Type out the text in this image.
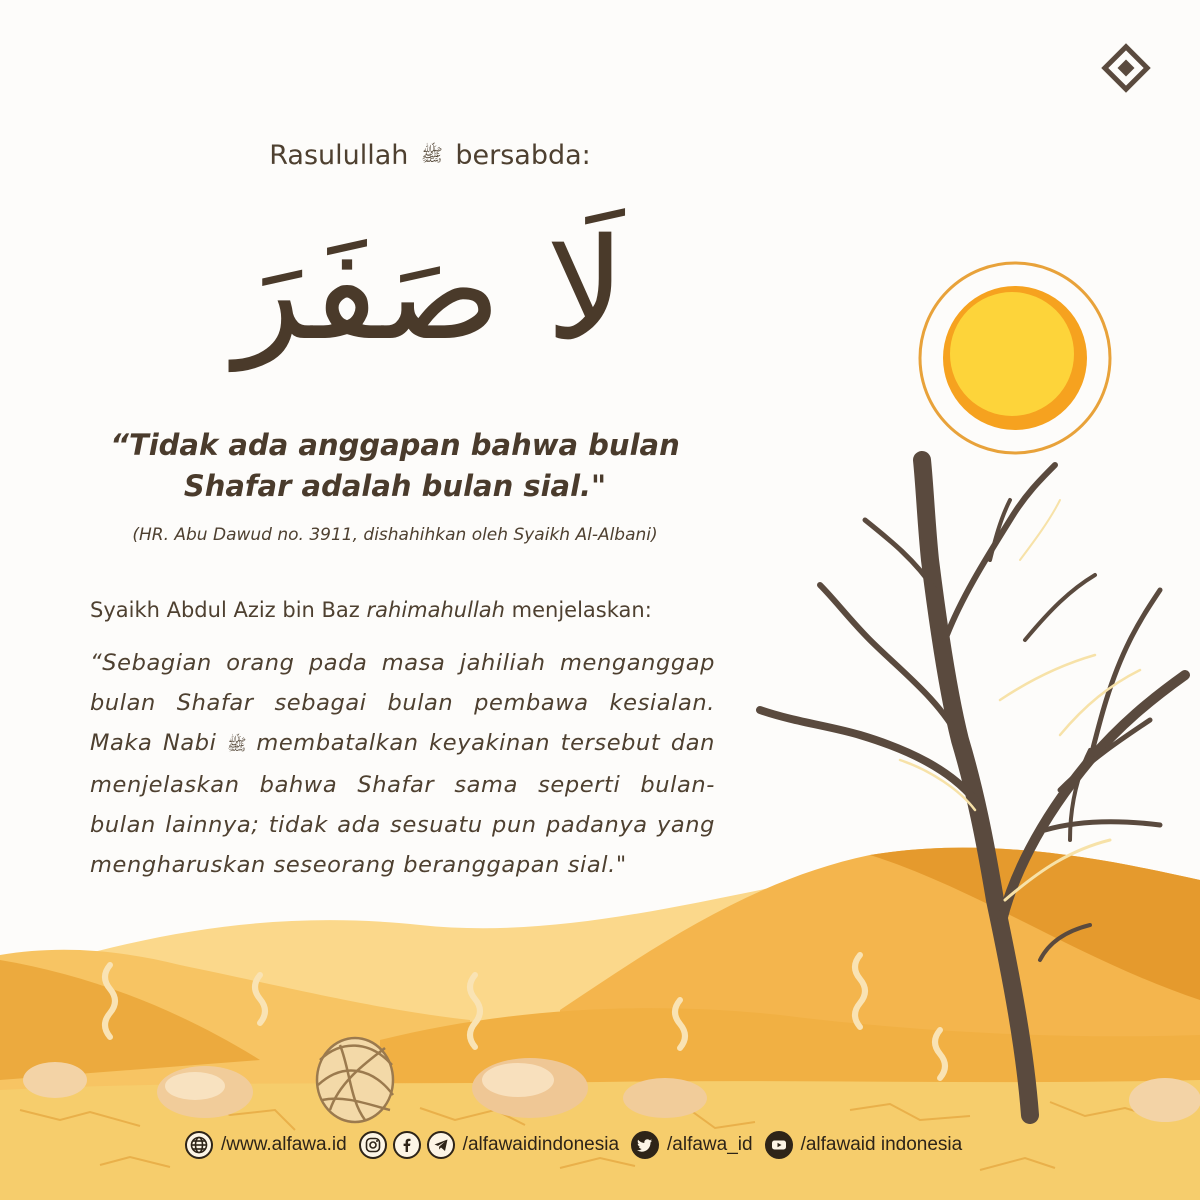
Rasulullah ﷺ bersabda:
لَا صَفَرَ
“Tidak ada anggapan bahwa bulan
Shafar adalah bulan sial."
(HR. Abu Dawud no. 3911, dishahihkan oleh Syaikh Al-Albani)
Syaikh Abdul Aziz bin Baz rahimahullah menjelaskan:
“Sebagian orang pada masa jahiliah menganggap bulan Shafar sebagai bulan pembawa kesialan. Maka Nabi ﷺ membatalkan keyakinan tersebut dan menjelaskan bahwa Shafar sama seperti bulan-bulan lainnya; tidak ada sesuatu pun padanya yang mengharuskan seseorang beranggapan sial."
/www.alfawa.id	/alfawaidindonesia	/alfawa_id	/alfawaid indonesia
